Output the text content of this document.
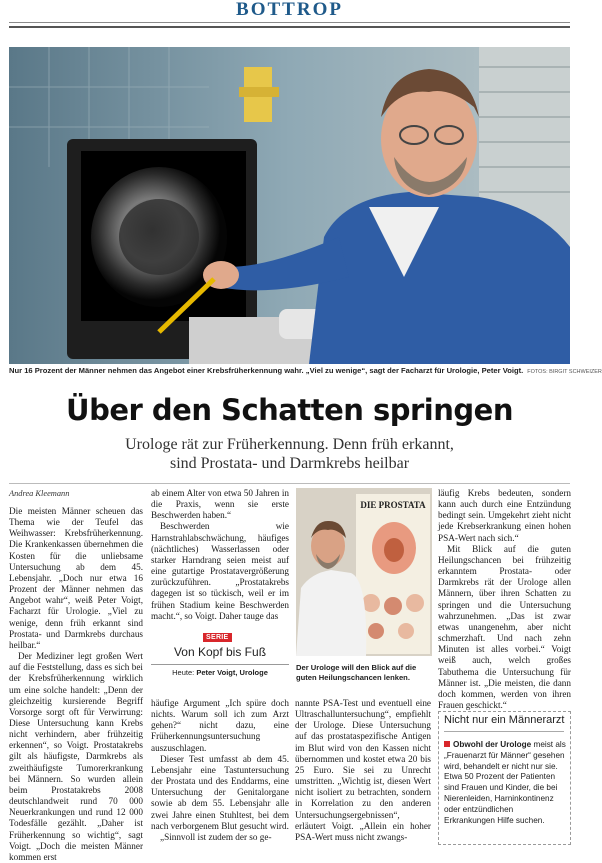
BOTTROP
Nur 16 Prozent der Männer nehmen das Angebot einer Krebsfrüherkennung wahr. „Viel zu wenige“, sagt der Facharzt für Urologie, Peter Voigt. FOTOS: BIRGIT SCHWEIZER
Über den Schatten springen
Urologe rät zur Früherkennung. Denn früh erkannt,
sind Prostata- und Darmkrebs heilbar
Andrea Kleemann

Die meisten Männer scheuen das Thema wie der Teufel das Weihwasser: Krebsfrüherkennung. Die Krankenkassen übernehmen die Kosten für die unliebsame Untersuchung ab dem 45. Lebensjahr. „Doch nur etwa 16 Prozent der Männer nehmen das Angebot wahr“, weiß Peter Voigt, Facharzt für Urologie. „Viel zu wenige, denn früh erkannt sind Prostata- und Darmkrebs durchaus heilbar.“

Der Mediziner legt großen Wert auf die Feststellung, dass es sich bei der Krebsfrüherkennung wirklich um eine solche handelt: „Denn der gleichzeitig kursierende Begriff Vorsorge sorgt oft für Verwirrung: Diese Untersuchung kann Krebs nicht verhindern, aber frühzeitig erkennen“, so Voigt. Prostatakrebs gilt als häufigste, Darmkrebs als zweithäufigste Tumorerkrankung bei Männern. So wurden allein beim Prostatakrebs 2008 deutschlandweit rund 70 000 Neuerkrankungen und rund 12 000 Todesfälle gezählt. „Daher ist Früherkennung so wichtig“, sagt Voigt. „Doch die meisten Männer kommen erst

ab einem Alter von etwa 50 Jahren in die Praxis, wenn sie erste Beschwerden haben.“

Beschwerden wie Harnstrahlabschwächung, häufiges (nächtliches) Wasserlassen oder starker Harndrang seien meist auf eine gutartige Prostatavergrößerung zurückzuführen. „Prostatakrebs dagegen ist so tückisch, weil er im frühen Stadium keine Beschwerden macht.“, so Voigt. Daher tauge das

SERIE
Von Kopf bis Fuß
Heute: Peter Voigt, Urologe

häufige Argument „Ich spüre doch nichts. Warum soll ich zum Arzt gehen?“ nicht dazu, eine Früherkennungsuntersuchung auszuschlagen.

Dieser Test umfasst ab dem 45. Lebensjahr eine Tastuntersuchung der Prostata und des Enddarms, eine Untersuchung der Genitalorgane sowie ab dem 55. Lebensjahr alle zwei Jahre einen Stuhltest, bei dem nach verborgenem Blut gesucht wird.

„Sinnvoll ist zudem der so ge-

DIE PROSTATA
Der Urologe will den Blick auf die guten Heilungschancen lenken.

nannte PSA-Test und eventuell eine Ultraschalluntersuchung“, empfiehlt der Urologe. Diese Untersuchung auf das prostataspezifische Antigen im Blut wird von den Kassen nicht übernommen und kostet etwa 20 bis 25 Euro. Sie sei zu Unrecht umstritten. „Wichtig ist, diesen Wert nicht isoliert zu betrachten, sondern in Korrelation zu den anderen Untersuchungsergebnissen“, erläutert Voigt. „Allein ein hoher PSA-Wert muss nicht zwangs-

läufig Krebs bedeuten, sondern kann auch durch eine Entzündung bedingt sein. Umgekehrt zieht nicht jede Krebserkrankung einen hohen PSA-Wert nach sich.“

Mit Blick auf die guten Heilungschancen bei frühzeitig erkanntem Prostata- oder Darmkrebs rät der Urologe allen Männern, über ihren Schatten zu springen und die Untersuchung wahrzunehmen. „Das ist zwar etwas unangenehm, aber nicht schmerzhaft. Und nach zehn Minuten ist alles vorbei.“ Voigt weiß auch, welch großes Tabuthema die Untersuchung für Männer ist. „Die meisten, die dann doch kommen, werden von ihren Frauen geschickt.“

Nicht nur ein Männerarzt
Obwohl der Urologe meist als „Frauenarzt für Männer“ gesehen wird, behandelt er nicht nur sie. Etwa 50 Prozent der Patienten sind Frauen und Kinder, die bei Nierenleiden, Harninkontinenz oder entzündlichen Erkrankungen Hilfe suchen.
